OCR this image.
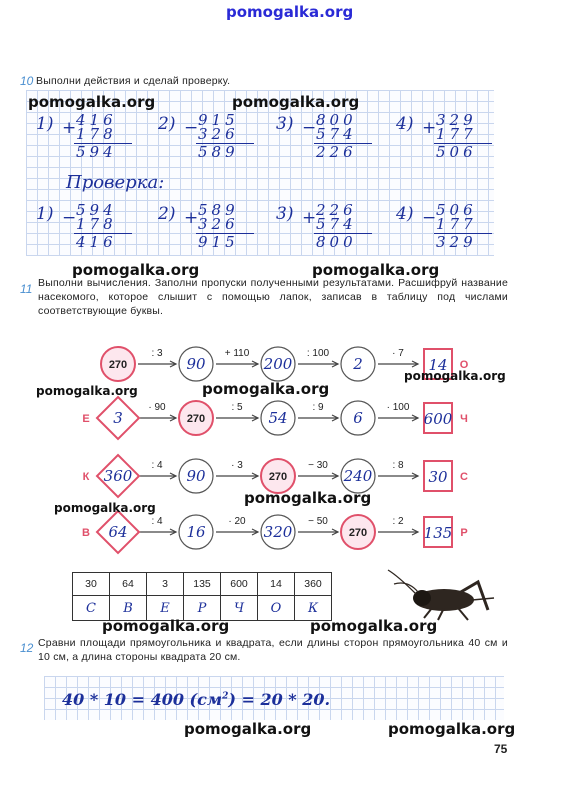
pomogalka.org
10 Выполни действия и сделай проверку.
1) + 416
178
594
2) − 915
326
589
3) − 800
574
226
4) + 329
177
506
Проверка:
1) − 594
178
416
2) + 589
326
915
3) + 226
574
800
4) − 506
177
329
pomogalka.org	pomogalka.org
pomogalka.org	pomogalka.org
11 Выполни вычисления. Заполни пропуски полученными результатами. Расшифруй название насекомого, которое слышит с помощью лапок, записав в таблицу под числами соответствующие буквы.
: 3	+ 110	: 100	· 7
270	90	200	2	14 О
· 90	: 5	: 9	· 100
3
Е	270	54	6	600 Ч
: 4	· 3	− 30	: 8
360
К	90	270	240	30 С
: 4	· 20	− 50	: 2
64
В	16	320	270	135 Р
30	64	3	135	600	14	360
С	В	Е	Р	Ч	О	К
pomogalka.org	pomogalka.org
pomogalka.org
pomogalka.org
pomogalka.org
pomogalka.org	pomogalka.org
12 Сравни площади прямоугольника и квадрата, если длины сторон прямоугольника 40 см и 10 см, а длина стороны квадрата 20 см.
40 * 10 = 400 $(см^2) = 20 * 20$.
pomogalka.org	pomogalka.org
75
